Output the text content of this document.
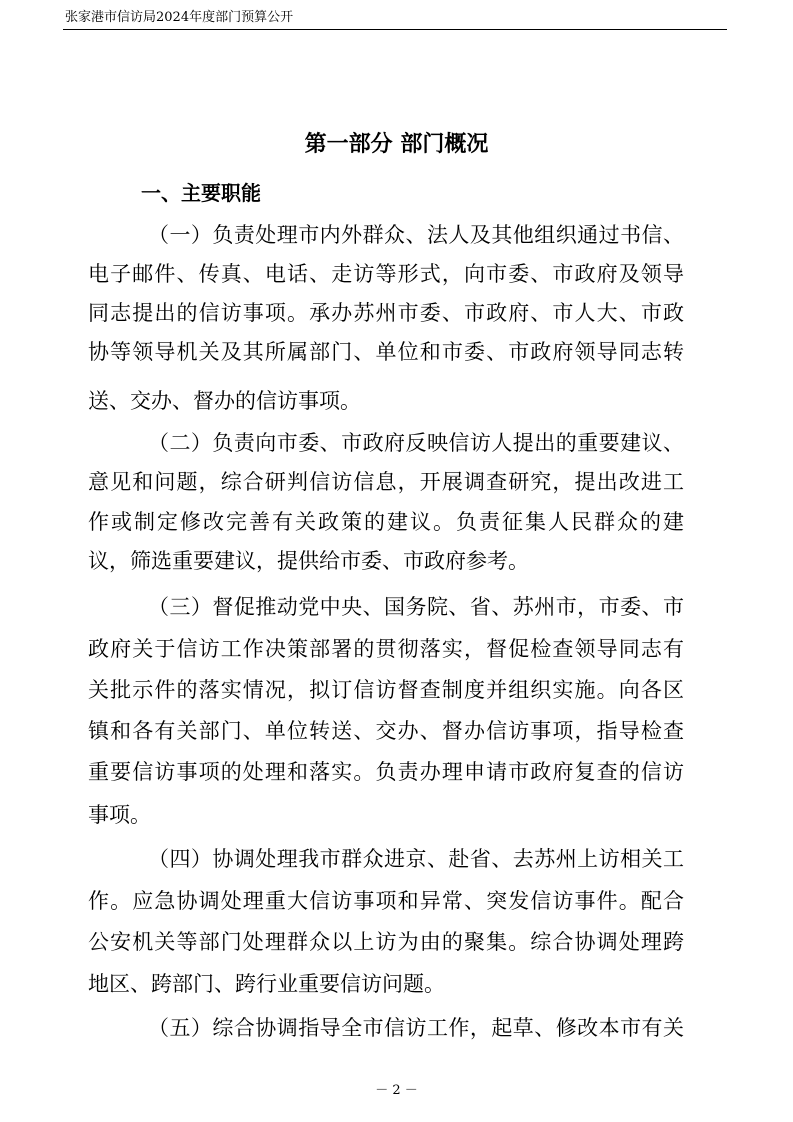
张家港市信访局2024年度部门预算公开
第一部分 部门概况
一、主要职能
（一）负责处理市内外群众、法人及其他组织通过书信、
电子邮件、传真、电话、走访等形式，向市委、市政府及领导
同志提出的信访事项。承办苏州市委、市政府、市人大、市政
协等领导机关及其所属部门、单位和市委、市政府领导同志转
送、交办、督办的信访事项。
（二）负责向市委、市政府反映信访人提出的重要建议、
意见和问题，综合研判信访信息，开展调查研究，提出改进工
作或制定修改完善有关政策的建议。负责征集人民群众的建
议，筛选重要建议，提供给市委、市政府参考。
（三）督促推动党中央、国务院、省、苏州市，市委、市
政府关于信访工作决策部署的贯彻落实，督促检查领导同志有
关批示件的落实情况，拟订信访督查制度并组织实施。向各区
镇和各有关部门、单位转送、交办、督办信访事项，指导检查
重要信访事项的处理和落实。负责办理申请市政府复查的信访
事项。
（四）协调处理我市群众进京、赴省、去苏州上访相关工
作。应急协调处理重大信访事项和异常、突发信访事件。配合
公安机关等部门处理群众以上访为由的聚集。综合协调处理跨
地区、跨部门、跨行业重要信访问题。
（五）综合协调指导全市信访工作，起草、修改本市有关
－ 2 －
